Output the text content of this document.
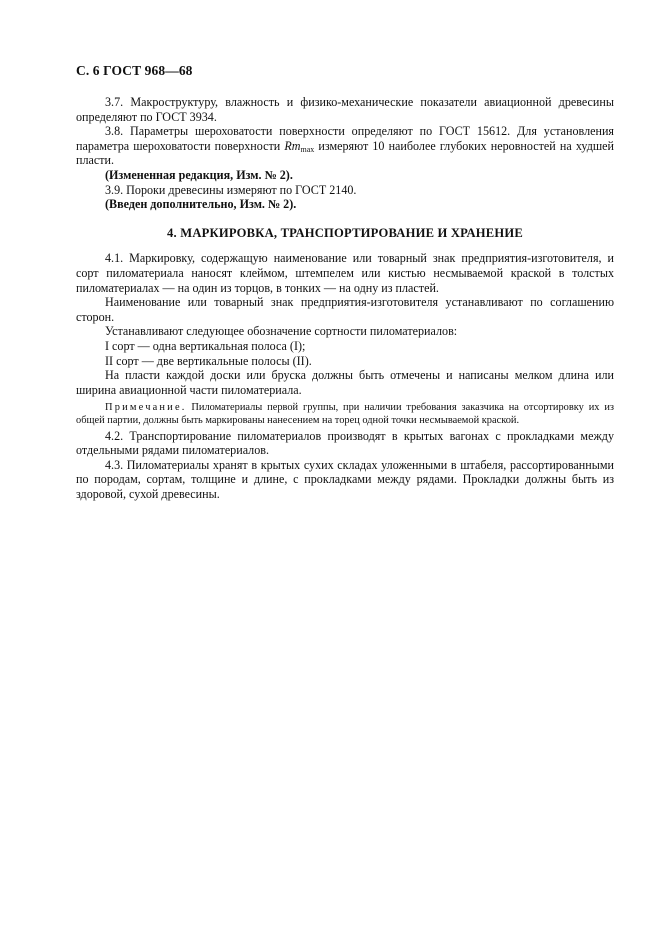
С. 6 ГОСТ 968—68

3.7. Макроструктуру, влажность и физико-механические показатели авиационной древесины определяют по ГОСТ 3934.

3.8. Параметры шероховатости поверхности определяют по ГОСТ 15612. Для установления параметра шероховатости поверхности $Rm_{max}$ измеряют 10 наиболее глубоких неровностей на худшей пласти.

(Измененная редакция, Изм. № 2).

3.9. Пороки древесины измеряют по ГОСТ 2140.

(Введен дополнительно, Изм. № 2).

4. МАРКИРОВКА, ТРАНСПОРТИРОВАНИЕ И ХРАНЕНИЕ

4.1. Маркировку, содержащую наименование или товарный знак предприятия-изготовителя, и сорт пиломатериала наносят клеймом, штемпелем или кистью несмываемой краской в толстых пиломатериалах — на один из торцов, в тонких — на одну из пластей.

Наименование или товарный знак предприятия-изготовителя устанавливают по соглашению сторон.

Устанавливают следующее обозначение сортности пиломатериалов:

I сорт — одна вертикальная полоса (I);

II сорт — две вертикальные полосы (II).

На пласти каждой доски или бруска должны быть отмечены и написаны мелком длина или ширина авиационной части пиломатериала.

Примечание. Пиломатериалы первой группы, при наличии требования заказчика на отсортировку их из общей партии, должны быть маркированы нанесением на торец одной точки несмываемой краской.

4.2. Транспортирование пиломатериалов производят в крытых вагонах с прокладками между отдельными рядами пиломатериалов.

4.3. Пиломатериалы хранят в крытых сухих складах уложенными в штабеля, рассортированными по породам, сортам, толщине и длине, с прокладками между рядами. Прокладки должны быть из здоровой, сухой древесины.
